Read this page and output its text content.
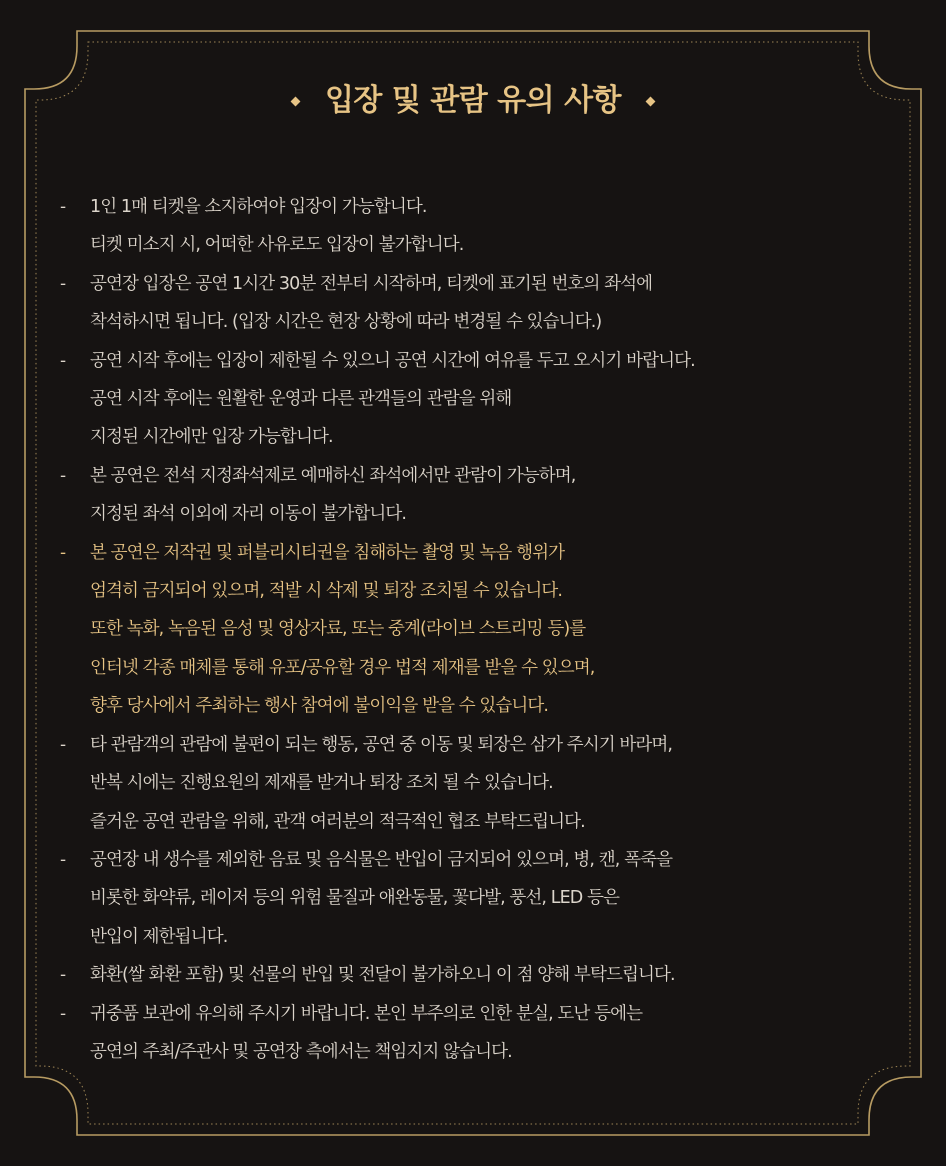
입장 및 관람 유의 사항
- 1인 1매 티켓을 소지하여야 입장이 가능합니다.
티켓 미소지 시, 어떠한 사유로도 입장이 불가합니다.
- 공연장 입장은 공연 1시간 30분 전부터 시작하며, 티켓에 표기된 번호의 좌석에
착석하시면 됩니다. (입장 시간은 현장 상황에 따라 변경될 수 있습니다.)
- 공연 시작 후에는 입장이 제한될 수 있으니 공연 시간에 여유를 두고 오시기 바랍니다.
공연 시작 후에는 원활한 운영과 다른 관객들의 관람을 위해
지정된 시간에만 입장 가능합니다.
- 본 공연은 전석 지정좌석제로 예매하신 좌석에서만 관람이 가능하며,
지정된 좌석 이외에 자리 이동이 불가합니다.
- 본 공연은 저작권 및 퍼블리시티권을 침해하는 촬영 및 녹음 행위가
엄격히 금지되어 있으며, 적발 시 삭제 및 퇴장 조치될 수 있습니다.
또한 녹화, 녹음된 음성 및 영상자료, 또는 중계(라이브 스트리밍 등)를
인터넷 각종 매체를 통해 유포/공유할 경우 법적 제재를 받을 수 있으며,
향후 당사에서 주최하는 행사 참여에 불이익을 받을 수 있습니다.
- 타 관람객의 관람에 불편이 되는 행동, 공연 중 이동 및 퇴장은 삼가 주시기 바라며,
반복 시에는 진행요원의 제재를 받거나 퇴장 조치 될 수 있습니다.
즐거운 공연 관람을 위해, 관객 여러분의 적극적인 협조 부탁드립니다.
- 공연장 내 생수를 제외한 음료 및 음식물은 반입이 금지되어 있으며, 병, 캔, 폭죽을
비롯한 화약류, 레이저 등의 위험 물질과 애완동물, 꽃다발, 풍선, LED 등은
반입이 제한됩니다.
- 화환(쌀 화환 포함) 및 선물의 반입 및 전달이 불가하오니 이 점 양해 부탁드립니다.
- 귀중품 보관에 유의해 주시기 바랍니다. 본인 부주의로 인한 분실, 도난 등에는
공연의 주최/주관사 및 공연장 측에서는 책임지지 않습니다.
